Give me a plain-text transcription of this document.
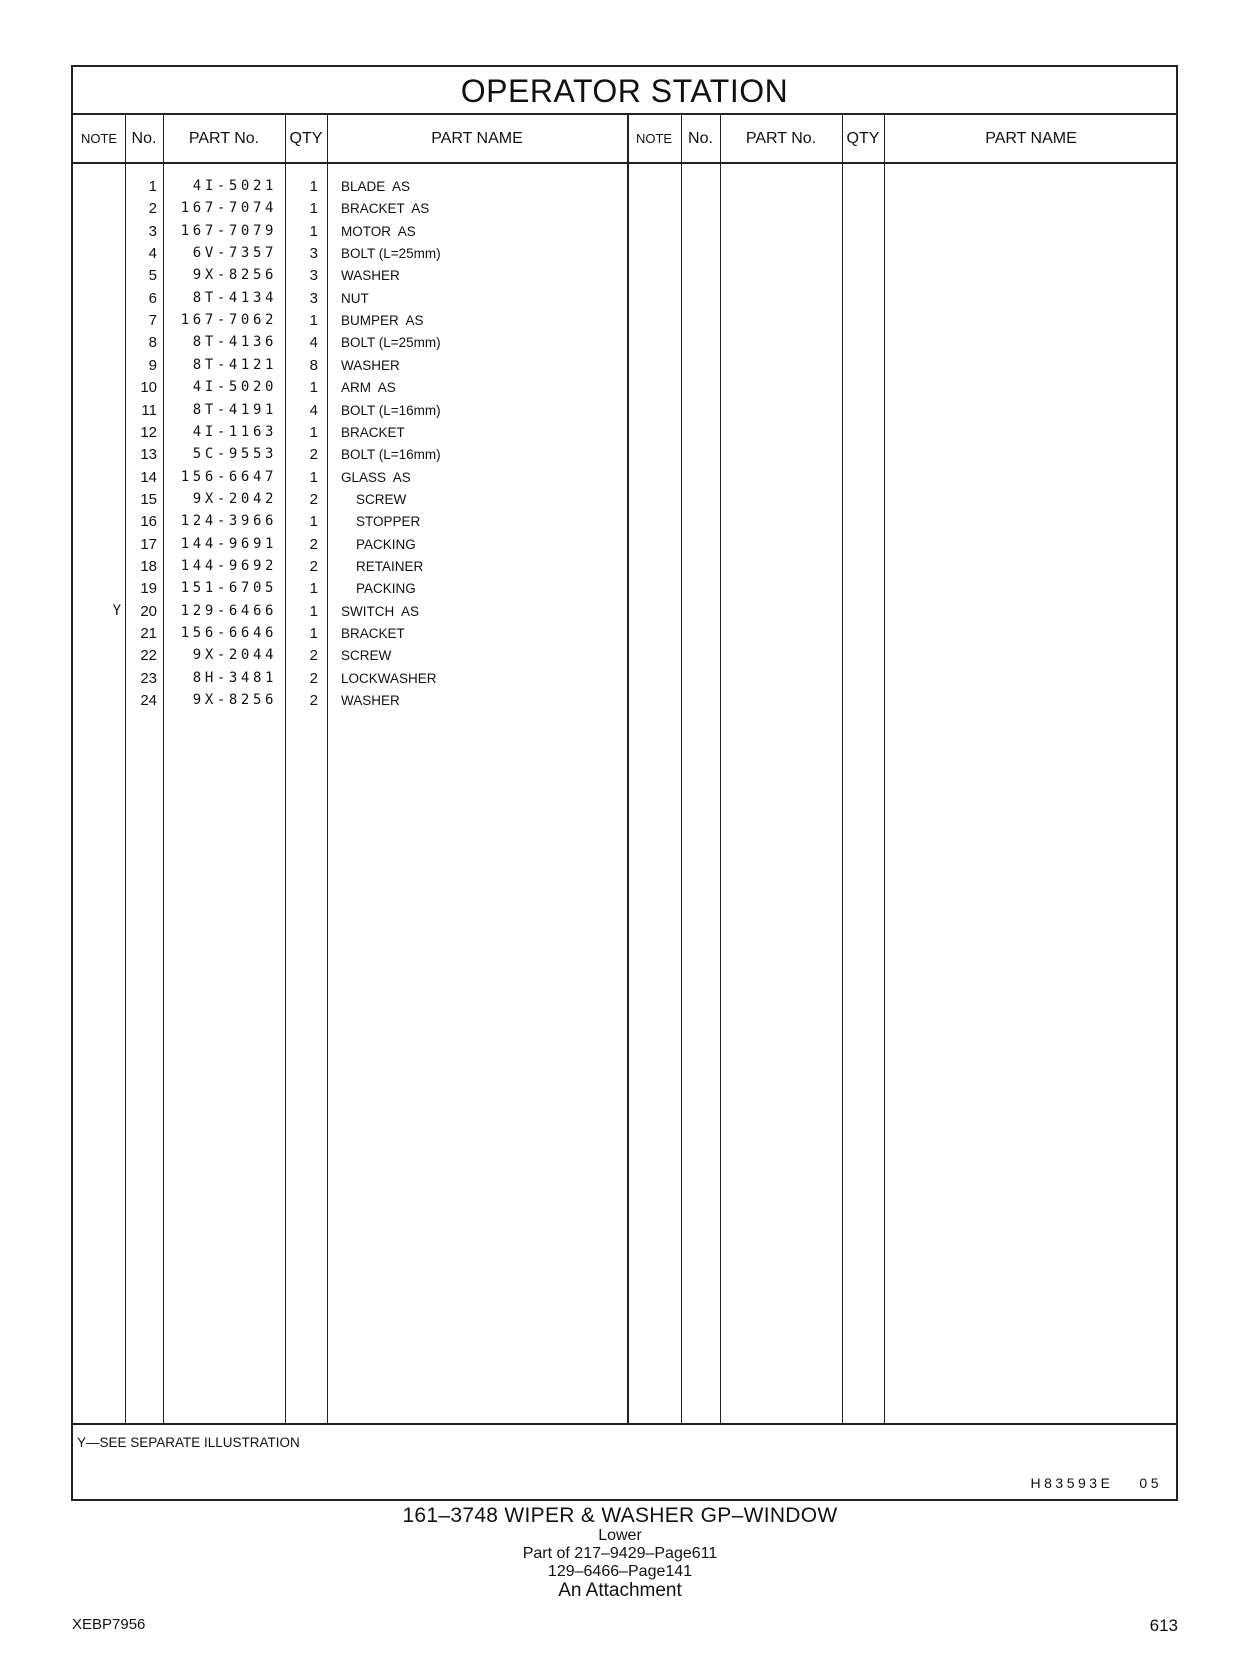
OPERATOR STATION
NOTE No.	PART No.	QTY	PART NAME	NOTE No.	PART No.	QTY	PART NAME
1	4I-5021	1 BLADE  AS
2	167-7074	1 BRACKET  AS
3	167-7079	1 MOTOR  AS
4	6V-7357	3 BOLT (L=25mm)
5	9X-8256	3 WASHER
6	8T-4134	3 NUT
7	167-7062	1 BUMPER  AS
8	8T-4136	4 BOLT (L=25mm)
9	8T-4121	8 WASHER
10	4I-5020	1 ARM  AS
11	8T-4191	4 BOLT (L=16mm)
12	4I-1163	1 BRACKET
13	5C-9553	2 BOLT (L=16mm)
14	156-6647	1 GLASS  AS
15	9X-2042	2	SCREW
16	124-3966	1	STOPPER
17	144-9691	2	PACKING
18	144-9692	2	RETAINER
19	151-6705	1	PACKING
Y	20	129-6466	1 SWITCH  AS
21	156-6646	1 BRACKET
22	9X-2044	2 SCREW
23	8H-3481	2 LOCKWASHER
24	9X-8256	2 WASHER
Y—SEE SEPARATE ILLUSTRATION
H83593E 05
161–3748 WIPER & WASHER GP–WINDOW
Lower
Part of 217–9429–Page611
129–6466–Page141
An Attachment
XEBP7956	613
